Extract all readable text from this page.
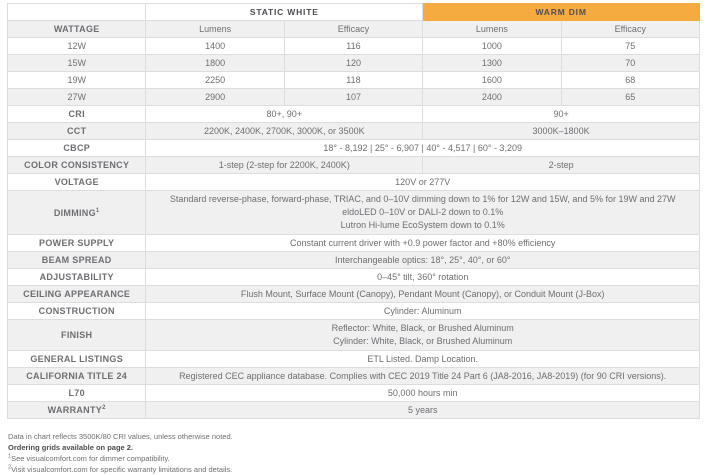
	STATIC WHITE		WARM DIM	
WATTAGE	Lumens	Efficacy	Lumens	Efficacy
12W	1400	116	1000	75
15W	1800	120	1300	70
19W	2250	118	1600	68
27W	2900	107	2400	65
CRI	80+, 90+		90+	
CCT	2200K, 2400K, 2700K, 3000K, or 3500K		3000K–1800K	
CBCP	18° - 8,192 | 25° - 6,907 | 40° - 4,517 | 60° - 3,209			
COLOR CONSISTENCY	1-step (2-step for 2200K, 2400K)		2-step	
VOLTAGE	120V or 277V			
DIMMING$^1$	Standard reverse-phase, forward-phase, TRIAC, and 0–10V dimming down to 1% for 12W and 15W, and 5% for 19W and 27W
eldoLED 0–10V or DALI-2 down to 0.1%
Lutron Hi-lume EcoSystem down to 0.1%			

POWER SUPPLY	Constant current driver with +0.9 power factor and +80% efficiency			
BEAM SPREAD	Interchangeable optics: 18°, 25°, 40°, or 60°			
ADJUSTABILITY	0–45° tilt, 360° rotation			
CEILING APPEARANCE	Flush Mount, Surface Mount (Canopy), Pendant Mount (Canopy), or Conduit Mount (J-Box)			
CONSTRUCTION	Cylinder: Aluminum			
FINISH	Reflector: White, Black, or Brushed Aluminum
Cylinder: White, Black, or Brushed Aluminum			

GENERAL LISTINGS	ETL Listed. Damp Location.			
CALIFORNIA TITLE 24	Registered CEC appliance database. Complies with CEC 2019 Title 24 Part 6 (JA8-2016, JA8-2019) (for 90 CRI versions).			
L70	50,000 hours min			
WARRANTY$^2$	5 years			
Data in chart reflects 3500K/80 CRI values, unless otherwise noted.
Ordering grids available on page 2.
$^1$See visualcomfort.com for dimmer compatibility.
$^2$Visit visualcomfort.com for specific warranty limitations and details.
